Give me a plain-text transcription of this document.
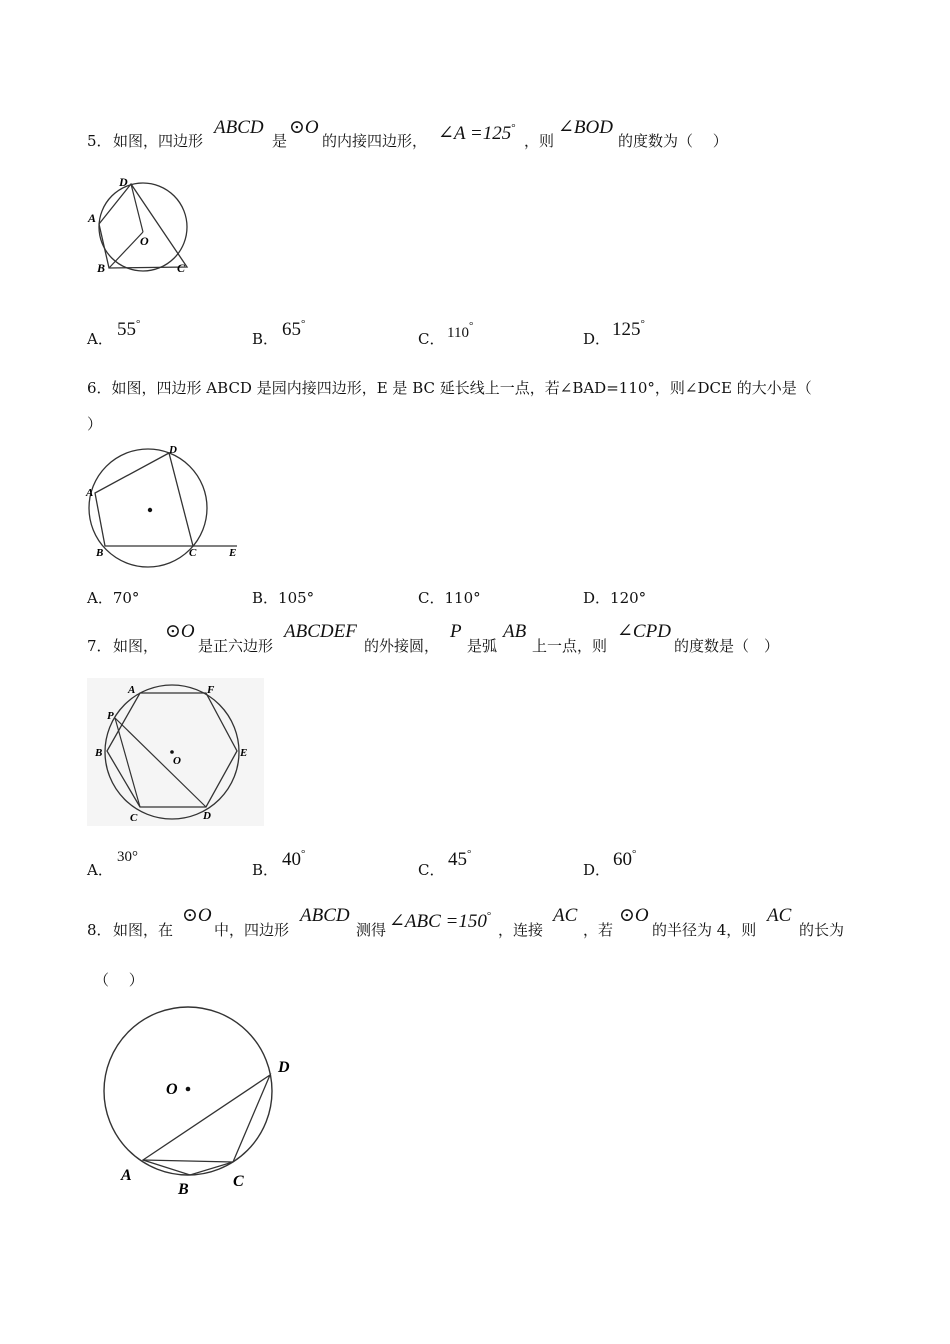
5． 如图，四边形
ABCD
是
⊙O
的内接四边形， ∠A =125°
，则
∠BOD
的度数为（　 ）
D
A
O
B	C
A． 55°
B． 65°
C． 110°
D． 125°
6．如图，四边形 ABCD 是园内接四边形，E 是 BC 延长线上一点，若∠BAD=110°，则∠DCE 的大小是（
）
D
A
B	C	E
A．70°	B．105°	C．110°	D．120°
7． 如图，
⊙O
是正六边形
ABCDEF
的外接圆，
P
是弧
AB
上一点，则
∠CPD
的度数是（　）
A	F
P
B
O
E
C	D
A．
30°
B． 40°
C． 45°
D． 60°
8． 如图，在
⊙O
中，四边形
ABCD
测得 ∠ABC =150°
，连接
AC
，若
⊙O
的半径为 4，则
AC
的长为
（　 ）
O
D
A
B	C
